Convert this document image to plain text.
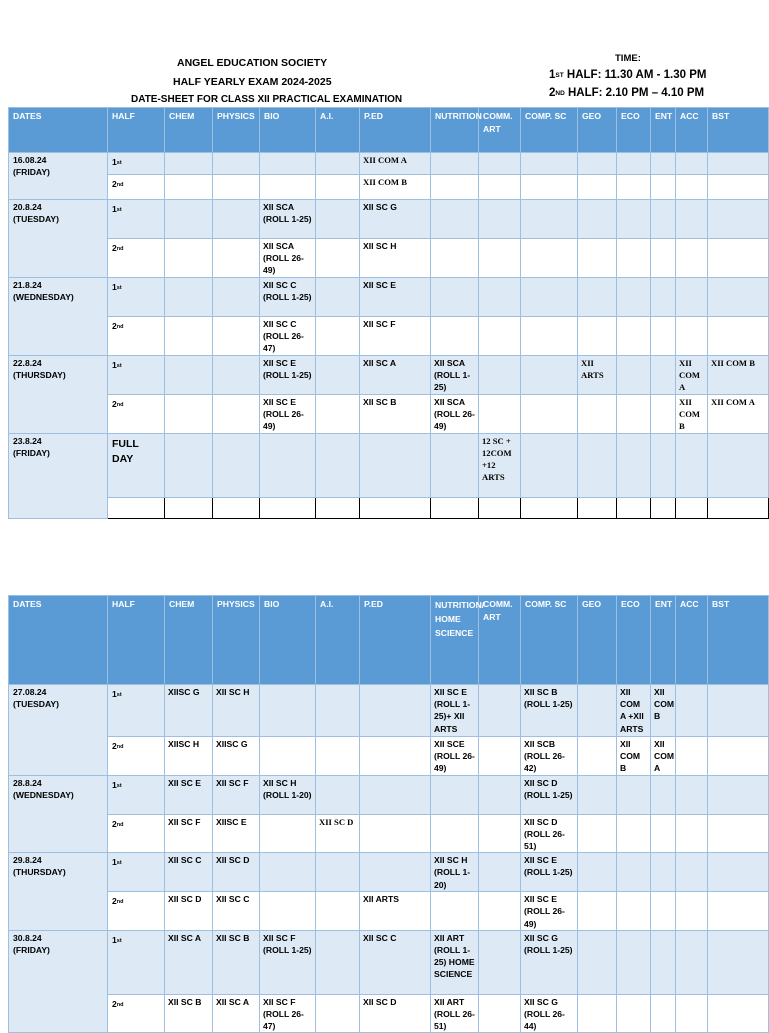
ANGEL EDUCATION SOCIETY
HALF YEARLY EXAM 2024-2025
DATE-SHEET FOR CLASS XII PRACTICAL EXAMINATION
TIME:
1ST HALF: 11.30 AM - 1.30 PM
2ND HALF: 2.10 PM – 4.10 PM
DATES	HALF	CHEM	PHYSICS	BIO	A.I.	P.ED	NUTRITION	COMM. ART	COMP. SC	GEO	ECO	ENT	ACC	BST

16.08.24
(FRIDAY)	1st					XII COM A								
	2nd					XII COM B								

20.8.24
(TUESDAY)	1st			XII SCA (ROLL 1-25)		XII SC G								
	2nd			XII SCA (ROLL 26-49)		XII SC H								

21.8.24
(WEDNESDAY)	1st			XII SC C (ROLL 1-25)		XII SC E								
	2nd			XII SC C (ROLL 26-47)		XII SC F								

22.8.24
(THURSDAY)	1st			XII SC E (ROLL 1-25)		XII SC A	XII SCA (ROLL 1-25)			XII ARTS			XII COM A	XII COM B
	2nd			XII SC E (ROLL 26-49)		XII SC B	XII SCA (ROLL 26-49)						XII COM B	XII COM A

23.8.24
(FRIDAY)	FULL DAY							12 SC + 12COM +12 ARTS						

DATES	HALF	CHEM	PHYSICS	BIO	A.I.	P.ED	NUTRITION/ HOME SCIENCE	COMM. ART	COMP. SC	GEO	ECO	ENT	ACC	BST

27.08.24
(TUESDAY)	1st	XIISC G	XII SC H				XII SC E (ROLL 1-25)+ XII ARTS		XII SC B (ROLL 1-25)		XII COM A +XII ARTS	XII COM B		
	2nd	XIISC H	XIISC G				XII SCE (ROLL 26-49)		XII SCB (ROLL 26-42)		XII COM B	XII COM A		

28.8.24
(WEDNESDAY)	1st	XII SC E	XII SC F	XII SC H (ROLL 1-20)					XII SC D (ROLL 1-25)					
	2nd	XII SC F	XIISC E		XII SC D				XII SC D (ROLL 26-51)					

29.8.24
(THURSDAY)	1st	XII SC C	XII SC D				XII SC H (ROLL 1-20)		XII SC E (ROLL 1-25)					
	2nd	XII SC D	XII SC C			XII ARTS			XII SC E (ROLL 26-49)					

30.8.24
(FRIDAY)	1st	XII SC A	XII SC B	XII SC F (ROLL 1-25)		XII SC C	XII ART (ROLL 1-25) HOME SCIENCE		XII SC G (ROLL 1-25)					
	2nd	XII SC B	XII SC A	XII SC F (ROLL 26-47)		XII SC D	XII ART (ROLL 26-51)		XII SC G (ROLL 26-44)					
